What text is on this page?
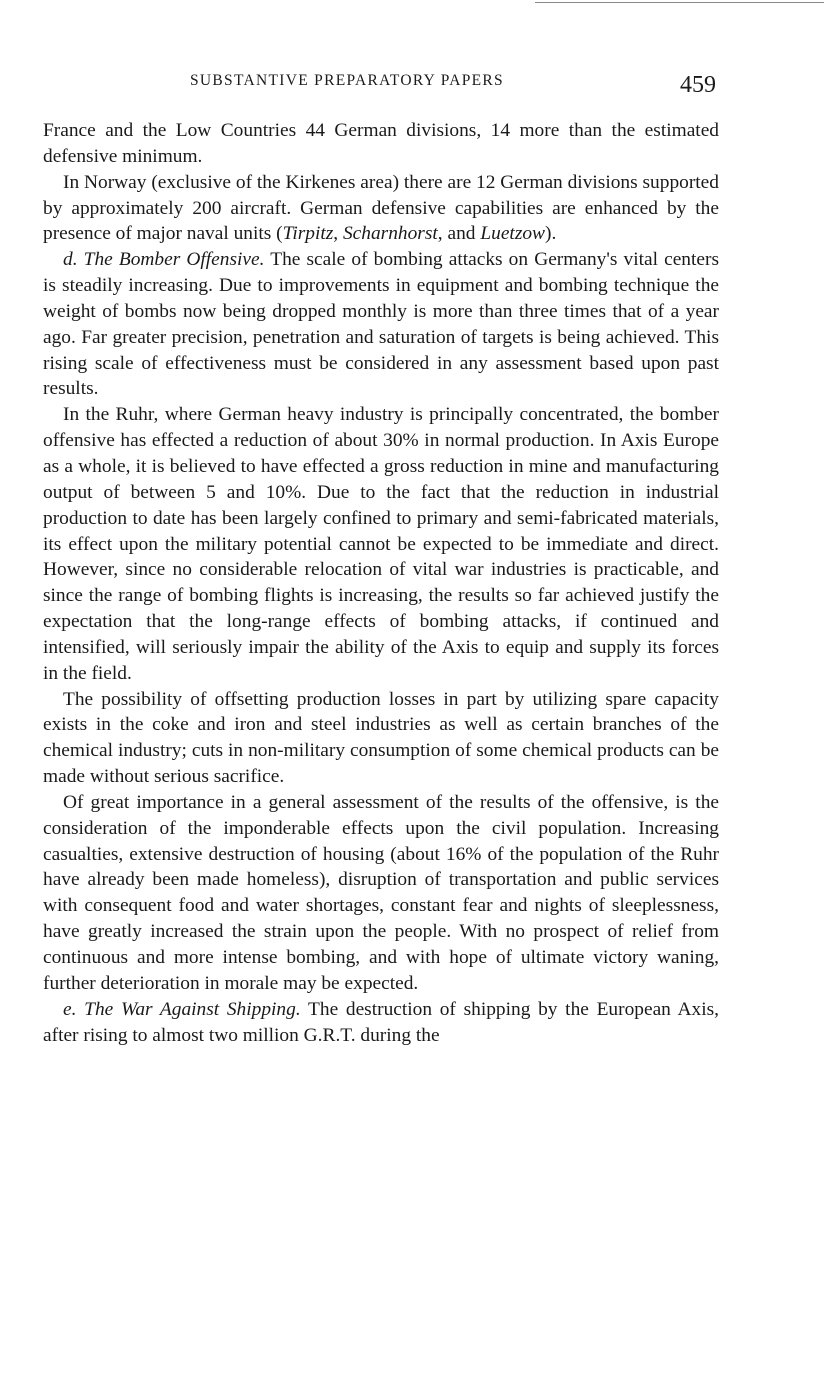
SUBSTANTIVE PREPARATORY PAPERS	459

France and the Low Countries 44 German divisions, 14 more than the estimated defensive minimum.

In Norway (exclusive of the Kirkenes area) there are 12 German divisions supported by approximately 200 aircraft. German defensive capabilities are enhanced by the presence of major naval units (Tirpitz, Scharnhorst, and Luetzow).

d. The Bomber Offensive. The scale of bombing attacks on Germany's vital centers is steadily increasing. Due to improvements in equipment and bombing technique the weight of bombs now being dropped monthly is more than three times that of a year ago. Far greater precision, penetration and saturation of targets is being achieved. This rising scale of effectiveness must be considered in any assessment based upon past results.

In the Ruhr, where German heavy industry is principally concentrated, the bomber offensive has effected a reduction of about 30% in normal production. In Axis Europe as a whole, it is believed to have effected a gross reduction in mine and manufacturing output of between 5 and 10%. Due to the fact that the reduction in industrial production to date has been largely confined to primary and semi-fabricated materials, its effect upon the military potential cannot be expected to be immediate and direct. However, since no considerable relocation of vital war industries is practicable, and since the range of bombing flights is increasing, the results so far achieved justify the expectation that the long-range effects of bombing attacks, if continued and intensified, will seriously impair the ability of the Axis to equip and supply its forces in the field.

The possibility of offsetting production losses in part by utilizing spare capacity exists in the coke and iron and steel industries as well as certain branches of the chemical industry; cuts in non-military consumption of some chemical products can be made without serious sacrifice.

Of great importance in a general assessment of the results of the offensive, is the consideration of the imponderable effects upon the civil population. Increasing casualties, extensive destruction of housing (about 16% of the population of the Ruhr have already been made homeless), disruption of transportation and public services with consequent food and water shortages, constant fear and nights of sleeplessness, have greatly increased the strain upon the people. With no prospect of relief from continuous and more intense bombing, and with hope of ultimate victory waning, further deterioration in morale may be expected.

e. The War Against Shipping. The destruction of shipping by the European Axis, after rising to almost two million G.R.T. during the
